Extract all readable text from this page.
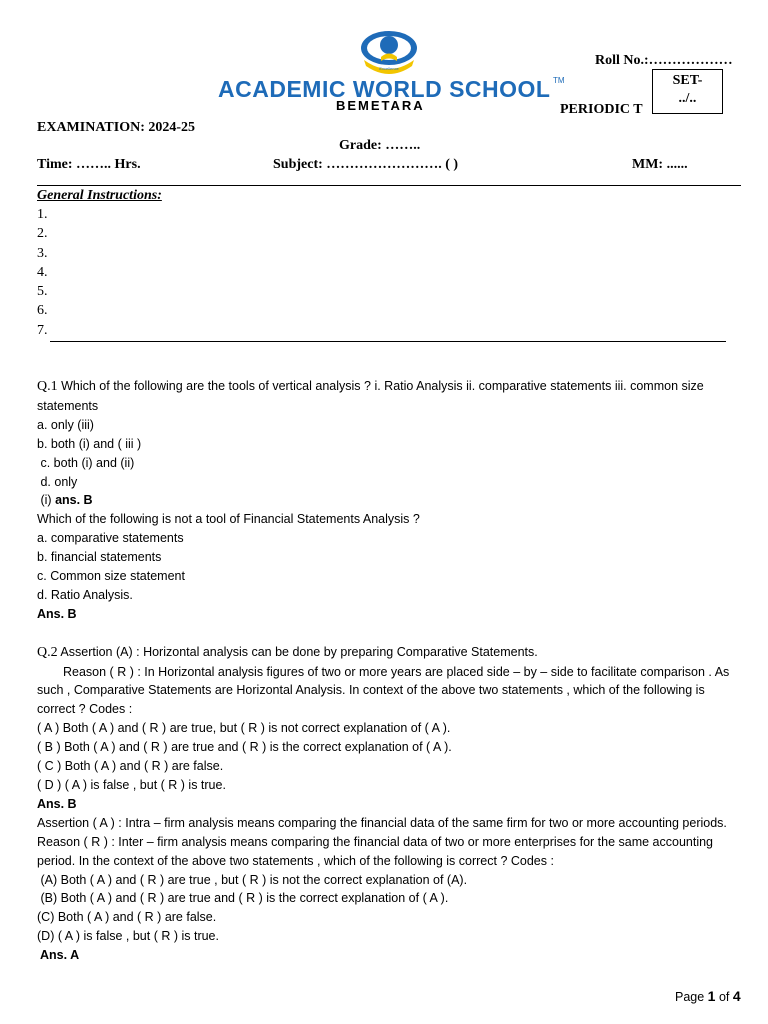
Excellence
ACADEMIC WORLD SCHOOL TM
BEMETARA
Roll No.:………………
PERIODIC T
SET-
../..
EXAMINATION: 2024-25
Grade: ……..
Time: …….. Hrs.	Subject: ……………………. ( )	MM: ......
General Instructions:
1.
2.
3.
4.
5.
6.
7.

Q.1 Which of the following are the tools of vertical analysis ? i. Ratio Analysis ii. comparative statements iii. common size statements

a. only (iii)

b. both (i) and ( iii )

c. both (i) and (ii)

d. only

(i) ans. B

Which of the following is not a tool of Financial Statements Analysis ?

a. comparative statements

b. financial statements

c. Common size statement

d. Ratio Analysis.

Ans. B

Q.2 Assertion (A) : Horizontal analysis can be done by preparing Comparative Statements.

Reason ( R ) : In Horizontal analysis figures of two or more years are placed side – by – side to facilitate comparison . As such , Comparative Statements are Horizontal Analysis. In context of the above two statements , which of the following is correct ? Codes :

( A ) Both ( A ) and ( R ) are true, but ( R ) is not correct explanation of ( A ).

( B ) Both ( A ) and ( R ) are true and ( R ) is the correct explanation of ( A ).

( C ) Both ( A ) and ( R ) are false.

( D ) ( A ) is false , but ( R ) is true.

Ans. B

Assertion ( A ) : Intra – firm analysis means comparing the financial data of the same firm for two or more accounting periods. Reason ( R ) : Inter – firm analysis means comparing the financial data of two or more enterprises for the same accounting period. In the context of the above two statements , which of the following is correct ? Codes :

(A) Both ( A ) and ( R ) are true , but ( R ) is not the correct explanation of (A).

(B) Both ( A ) and ( R ) are true and ( R ) is the correct explanation of ( A ).

(C) Both ( A ) and ( R ) are false.

(D) ( A ) is false , but ( R ) is true.

Ans. A

Page 1 of 4
